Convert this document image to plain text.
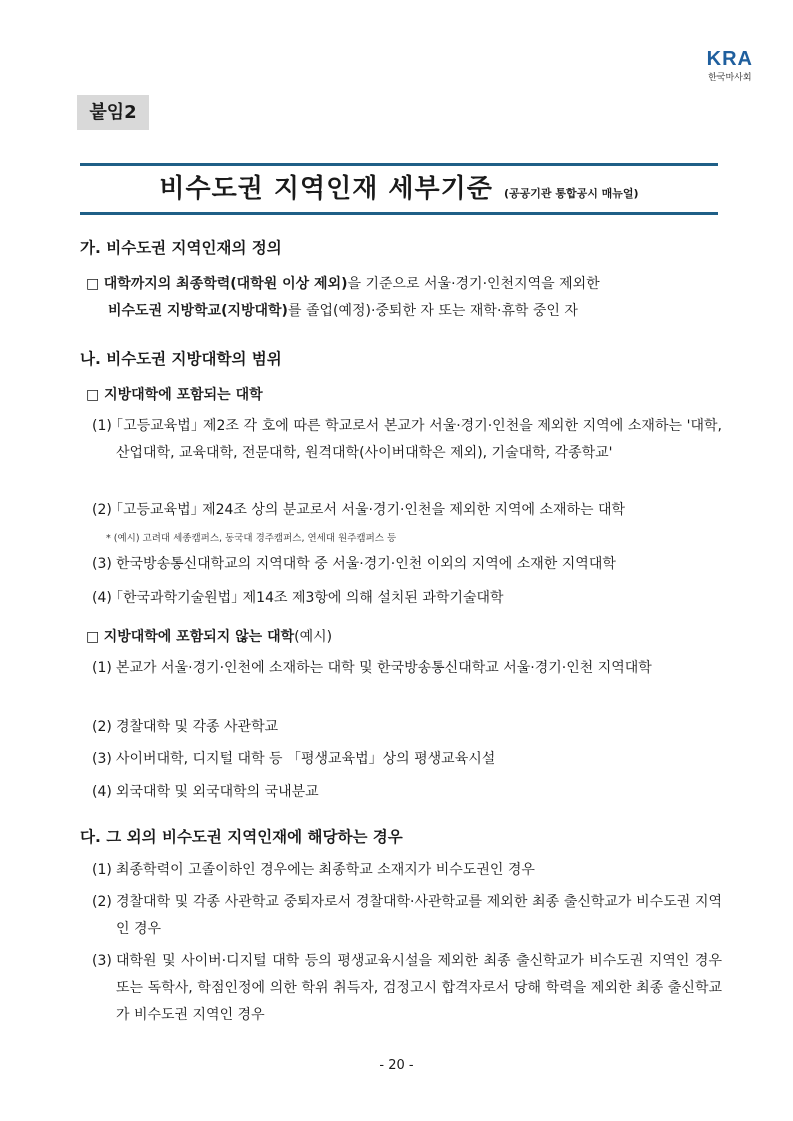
KRA
한국마사회
붙임2
비수도권 지역인재 세부기준 (공공기관 통합공시 매뉴얼)
가. 비수도권 지역인재의 정의
□ 대학까지의 최종학력(대학원 이상 제외)을 기준으로 서울·경기·인천지역을 제외한
비수도권 지방학교(지방대학)를 졸업(예정)·중퇴한 자 또는 재학·휴학 중인 자
나. 비수도권 지방대학의 범위
□ 지방대학에 포함되는 대학
(1) ｢고등교육법｣ 제2조 각 호에 따른 학교로서 본교가 서울·경기·인천을 제외한 지역에 소재하는 '대학, 산업대학, 교육대학, 전문대학, 원격대학(사이버대학은 제외), 기술대학, 각종학교'
(2) ｢고등교육법｣ 제24조 상의 분교로서 서울·경기·인천을 제외한 지역에 소재하는 대학
* (예시) 고려대 세종캠퍼스, 동국대 경주캠퍼스, 연세대 원주캠퍼스 등
(3) 한국방송통신대학교의 지역대학 중 서울·경기·인천 이외의 지역에 소재한 지역대학
(4) ｢한국과학기술원법｣ 제14조 제3항에 의해 설치된 과학기술대학
□ 지방대학에 포함되지 않는 대학(예시)
(1) 본교가 서울·경기·인천에 소재하는 대학 및 한국방송통신대학교 서울·경기·인천 지역대학
(2) 경찰대학 및 각종 사관학교
(3) 사이버대학, 디지털 대학 등 「평생교육법」상의 평생교육시설
(4) 외국대학 및 외국대학의 국내분교
다. 그 외의 비수도권 지역인재에 해당하는 경우
(1) 최종학력이 고졸이하인 경우에는 최종학교 소재지가 비수도권인 경우
(2) 경찰대학 및 각종 사관학교 중퇴자로서 경찰대학·사관학교를 제외한 최종 출신학교가 비수도권 지역인 경우
(3) 대학원 및 사이버·디지털 대학 등의 평생교육시설을 제외한 최종 출신학교가 비수도권 지역인 경우 또는 독학사, 학점인정에 의한 학위 취득자, 검정고시 합격자로서 당해 학력을 제외한 최종 출신학교가 비수도권 지역인 경우
- 20 -
